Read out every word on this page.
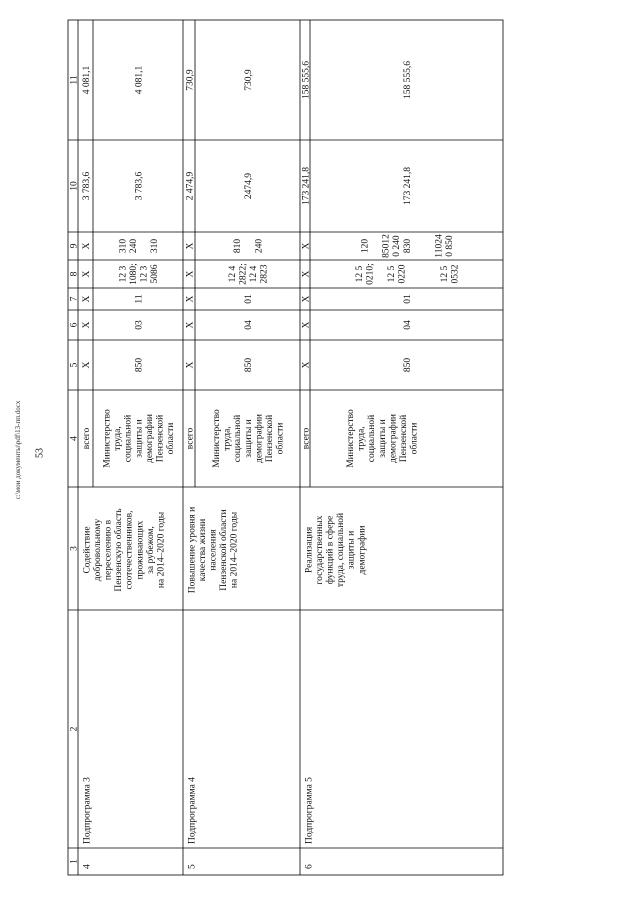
53
c:\мои документы\pdf\13-пп.docx
1
2
3
4
5
6
7
8
9
10
11
4
Подпрограмма 3
Содействиедобровольномупереселению вПензенскую областьсоотечественников,проживающихза рубежом,на 2014–2020 годы
всего
X
X
X
X
X
3 783,6
4 081,1
Министерствотруда,социальнойзащиты идемографииПензенскойобласти
850
03
11
12 31080;12 35086
310240 310
3 783,6
4 081,1
5
Подпрограмма 4
Повышение уровня икачества жизнинаселенияПензенской областина 2014–2020 годы
всего
X
X
X
X
X
2 474,9
730,9
Министерствотруда,социальнойзащиты идемографииПензенскойобласти
850
04
01
12 42822;12 42823
810 240
2474,9
730,9
6
Подпрограмма 5
Реализациягосударственныхфункций в сферетруда, социальнойзащиты идемографии
всего
X
X
X
X
X
173 241,8
158 555,6
Министерствотруда,социальнойзащиты идемографииПензенскойобласти
850
04
01
12 50210; 12 50220	12 50532
120 850120 240830 110240 850
173 241,8
158 555,6
